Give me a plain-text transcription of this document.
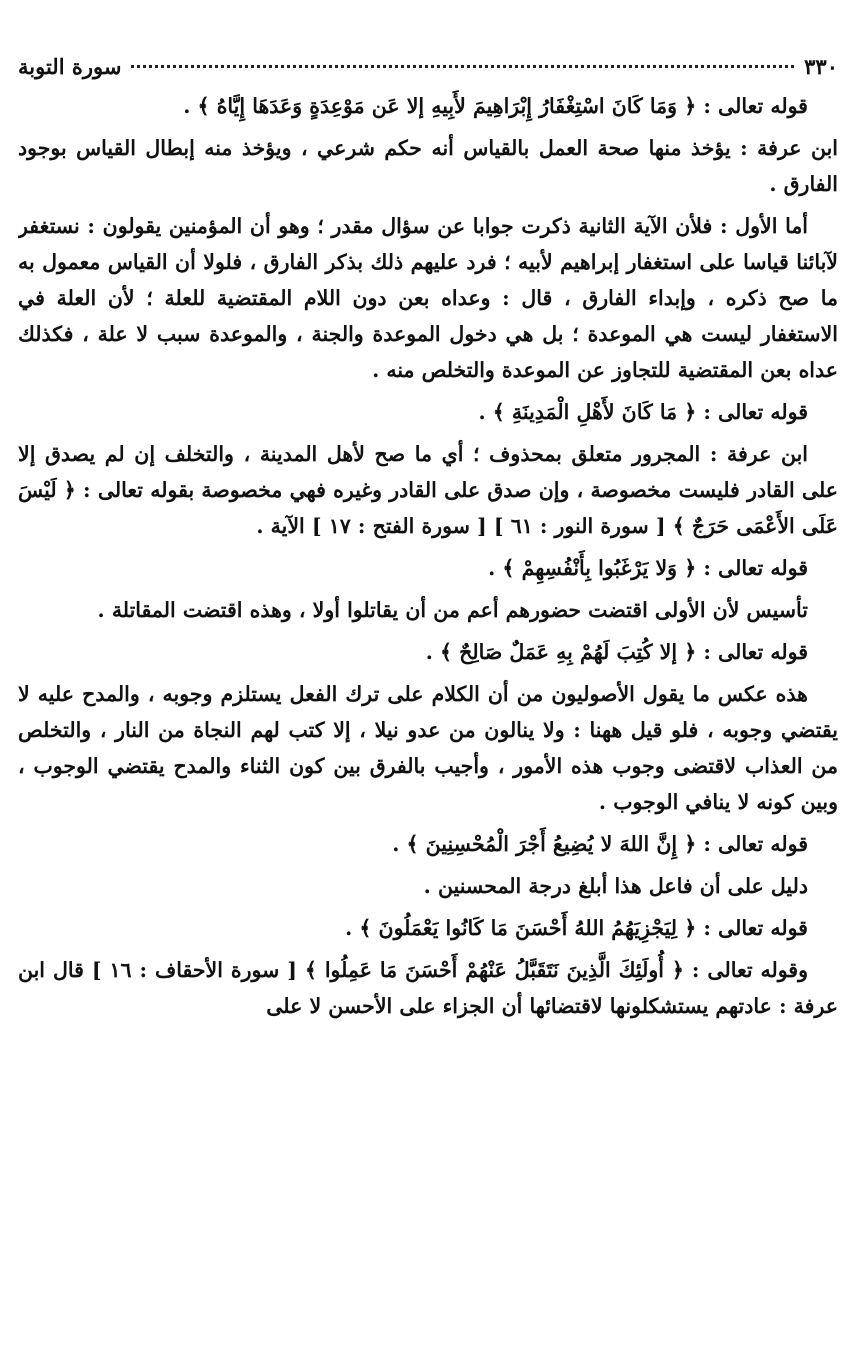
٣٣٠
سورة التوبة

قوله تعالى : ﴿ وَمَا كَانَ اسْتِغْفَارُ إِبْرَاهِيمَ لأَبِيهِ إلا عَن مَوْعِدَةٍ وَعَدَهَا إِيَّاهُ ﴾ .

ابن عرفة : يؤخذ منها صحة العمل بالقياس أنه حكم شرعي ، ويؤخذ منه إبطال القياس بوجود الفارق .

أما الأول : فلأن الآية الثانية ذكرت جوابا عن سؤال مقدر ؛ وهو أن المؤمنين يقولون : نستغفر لآبائنا قياسا على استغفار إبراهيم لأبيه ؛ فرد عليهم ذلك بذكر الفارق ، فلولا أن القياس معمول به ما صح ذكره ، وإبداء الفارق ، قال : وعداه بعن دون اللام المقتضية للعلة ؛ لأن العلة في الاستغفار ليست هي الموعدة ؛ بل هي دخول الموعدة والجنة ، والموعدة سبب لا علة ، فكذلك عداه بعن المقتضية للتجاوز عن الموعدة والتخلص منه .

قوله تعالى : ﴿ مَا كَانَ لأَهْلِ الْمَدِينَةِ ﴾ .

ابن عرفة : المجرور متعلق بمحذوف ؛ أي ما صح لأهل المدينة ، والتخلف إن لم يصدق إلا على القادر فليست مخصوصة ، وإن صدق على القادر وغيره فهي مخصوصة بقوله تعالى : ﴿ لَيْسَ عَلَى الأَعْمَى حَرَجٌ ﴾ [ سورة النور : ٦١ ] [ سورة الفتح : ١٧ ] الآية .

قوله تعالى : ﴿ وَلا يَرْغَبُوا بِأَنْفُسِهِمْ ﴾ .

تأسيس لأن الأولى اقتضت حضورهم أعم من أن يقاتلوا أولا ، وهذه اقتضت المقاتلة .

قوله تعالى : ﴿ إلا كُتِبَ لَهُمْ بِهِ عَمَلٌ صَالِحٌ ﴾ .

هذه عكس ما يقول الأصوليون من أن الكلام على ترك الفعل يستلزم وجوبه ، والمدح عليه لا يقتضي وجوبه ، فلو قيل ههنا : ولا ينالون من عدو نيلا ، إلا كتب لهم النجاة من النار ، والتخلص من العذاب لاقتضى وجوب هذه الأمور ، وأجيب بالفرق بين كون الثناء والمدح يقتضي الوجوب ، وبين كونه لا ينافي الوجوب .

قوله تعالى : ﴿ إِنَّ اللهَ لا يُضِيعُ أَجْرَ الْمُحْسِنِينَ ﴾ .

دليل على أن فاعل هذا أبلغ درجة المحسنين .

قوله تعالى : ﴿ لِيَجْزِيَهُمُ اللهُ أَحْسَنَ مَا كَانُوا يَعْمَلُونَ ﴾ .

وقوله تعالى : ﴿ أُولَئِكَ الَّذِينَ نَتَقَبَّلُ عَنْهُمْ أَحْسَنَ مَا عَمِلُوا ﴾ [ سورة الأحقاف : ١٦ ] قال ابن عرفة : عادتهم يستشكلونها لاقتضائها أن الجزاء على الأحسن لا على
